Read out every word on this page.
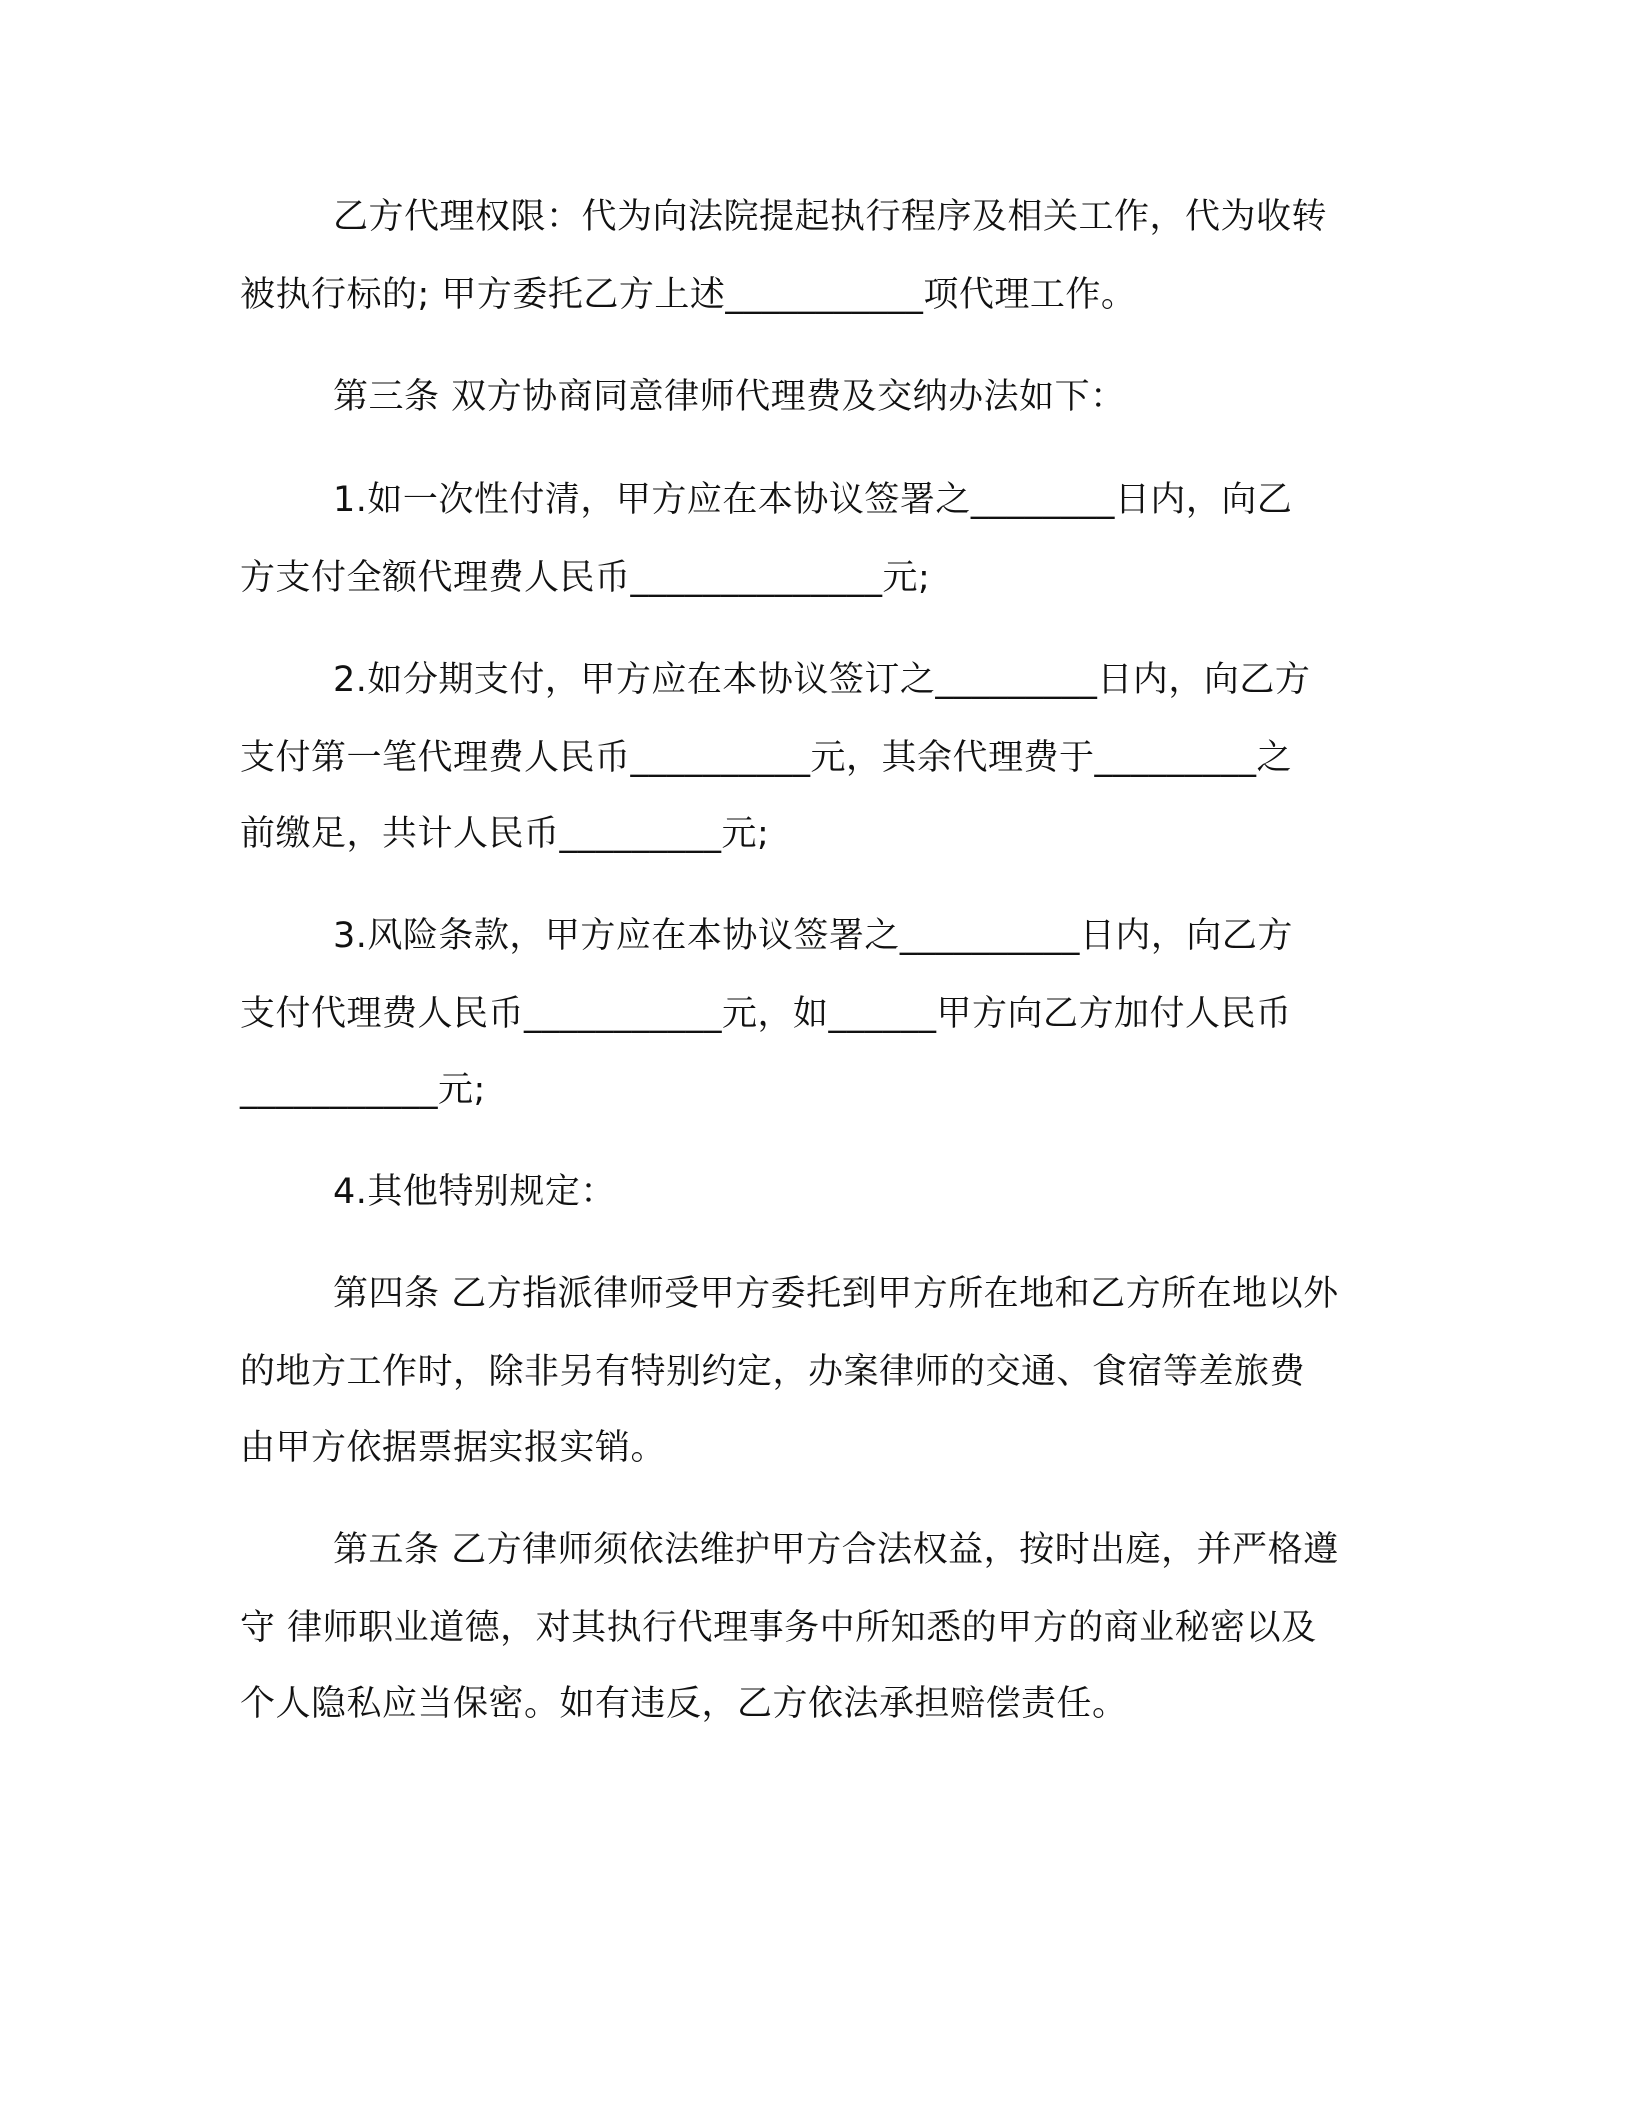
乙方代理权限：代为向法院提起执行程序及相关工作，代为收转
被执行标的; 甲方委托乙方上述___________项代理工作。
第三条 双方协商同意律师代理费及交纳办法如下：
1.如一次性付清，甲方应在本协议签署之________日内，向乙
方支付全额代理费人民币______________元;
2.如分期支付，甲方应在本协议签订之_________日内，向乙方
支付第一笔代理费人民币__________元，其余代理费于_________之
前缴足，共计人民币_________元;
3.风险条款，甲方应在本协议签署之__________日内，向乙方
支付代理费人民币___________元，如______甲方向乙方加付人民币
___________元;
4.其他特别规定：
第四条 乙方指派律师受甲方委托到甲方所在地和乙方所在地以外
的地方工作时，除非另有特别约定，办案律师的交通、食宿等差旅费
由甲方依据票据实报实销。
第五条 乙方律师须依法维护甲方合法权益，按时出庭，并严格遵
守 律师职业道德，对其执行代理事务中所知悉的甲方的商业秘密以及
个人隐私应当保密。如有违反，乙方依法承担赔偿责任。
